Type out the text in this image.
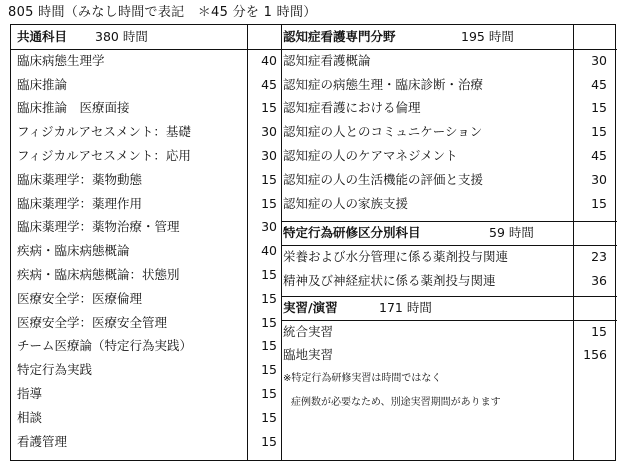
805 時間（みなし時間で表記　＊45 分を 1 時間）
共通科目 380 時間
臨床病態生理学	40
臨床推論	45
臨床推論　医療面接	15
フィジカルアセスメント：基礎	30
フィジカルアセスメント：応用	30
臨床薬理学：薬物動態	15
臨床薬理学：薬理作用	15
臨床薬理学：薬物治療・管理	30
疾病・臨床病態概論	40
疾病・臨床病態概論：状態別	15
医療安全学：医療倫理	15
医療安全学：医療安全管理	15
チーム医療論（特定行為実践）	15
特定行為実践	15
指導	15
相談	15
看護管理	15
認知症看護専門分野	195 時間
認知症看護概論	30
認知症の病態生理・臨床診断・治療	45
認知症看護における倫理	15
認知症の人とのコミュニケーション	15
認知症の人のケアマネジメント	45
認知症の人の生活機能の評価と支援	30
認知症の人の家族支援	15
特定行為研修区分別科目	59 時間
栄養および水分管理に係る薬剤投与関連	23
精神及び神経症状に係る薬剤投与関連	36
実習/演習	171 時間
統合実習	15
臨地実習	156
※特定行為研修実習は時間ではなく
症例数が必要なため、別途実習期間があります
